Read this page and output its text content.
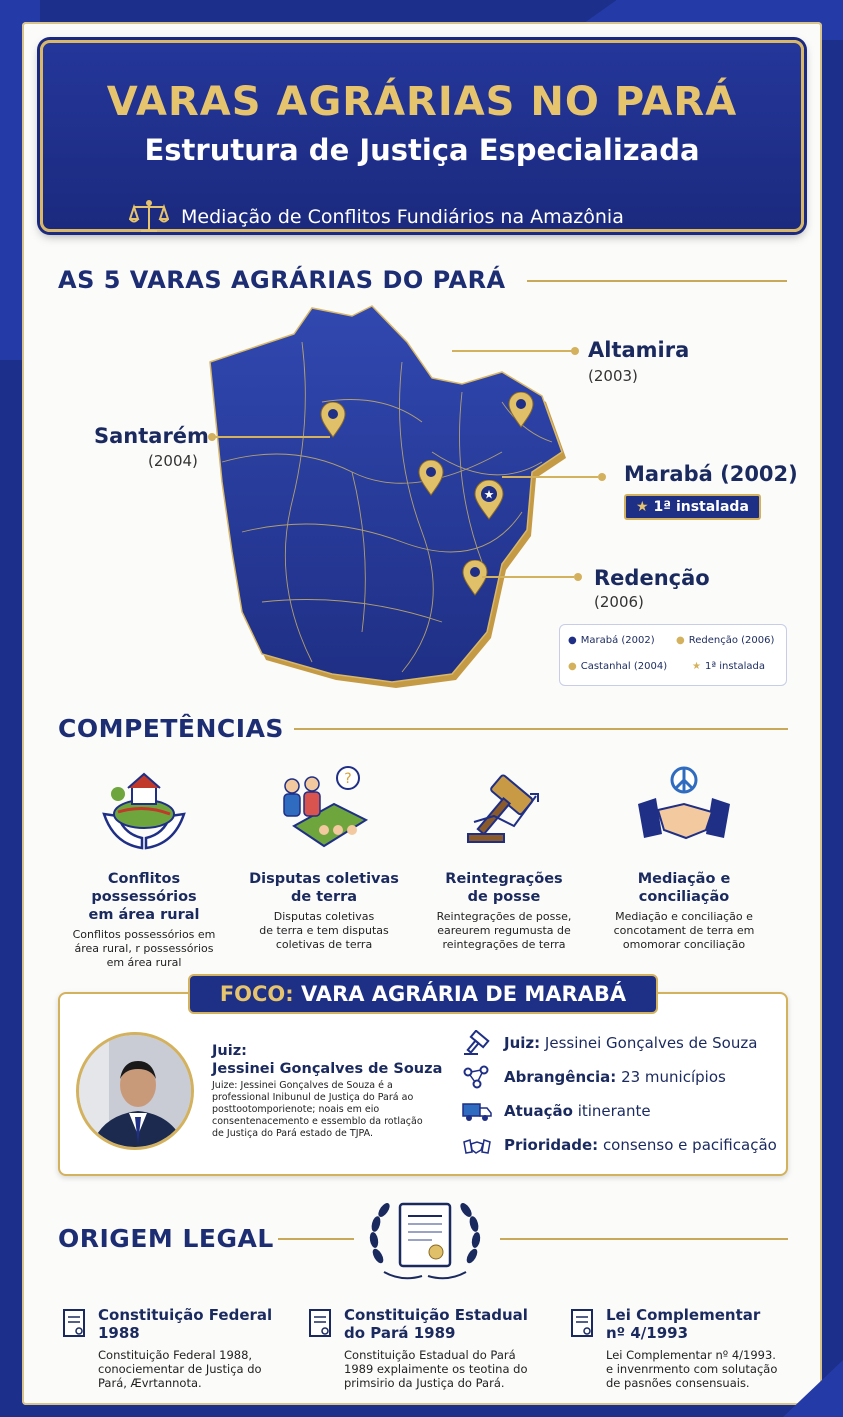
VARAS AGRÁRIAS NO PARÁ
Estrutura de Justiça Especializada
Mediação de Conflitos Fundiários na Amazônia
AS 5 VARAS AGRÁRIAS DO PARÁ
★
Altamira
(2003)
Santarém
(2004)
Marabá (2002)
★ 1ª instalada
Redenção
(2006)
● Marabá (2002) ● Redenção (2006)
● Castanhal (2004) ★ 1ª instalada
COMPETÊNCIAS
Conflitos possessórios
em área rural
Conflitos possessórios em
área rural, r possessórios
em área rural
?
Disputas coletivas
de terra
Disputas coletivas
de terra e tem disputas
coletivas de terra
Reintegrações
de posse
Reintegrações de posse,
eareurem regumusta de
reintegrações de terra
Mediação e
conciliação
Mediação e conciliação e
concotament de terra em
omomorar conciliação
FOCO: VARA AGRÁRIA DE MARABÁ
Juiz:
Jessinei Gonçalves de Souza
Juize: Jessinei Gonçalves de Souza é a
professional Inibunul de Justiça do Pará ao
posttootomporienote; noais em eio
consentenacemento e essemblo da rotlação
de Justiça do Pará estado de TJPA.
Juiz: Jessinei Gonçalves de Souza
Abrangência: 23 municípios
Atuação itinerante
Prioridade: consenso e pacificação
ORIGEM LEGAL
Constituição Federal
1988
Constituição Federal 1988,
conociementar de Justiça do
Pará, Ævrtannota.
Constituição Estadual
do Pará 1989
Constituição Estadual do Pará
1989 explaimente os teotina do
primsirio da Justiça do Pará.
Lei Complementar
nº 4/1993
Lei Complementar nº 4/1993.
e invenrmento com solutação
de pasnões consensuais.
